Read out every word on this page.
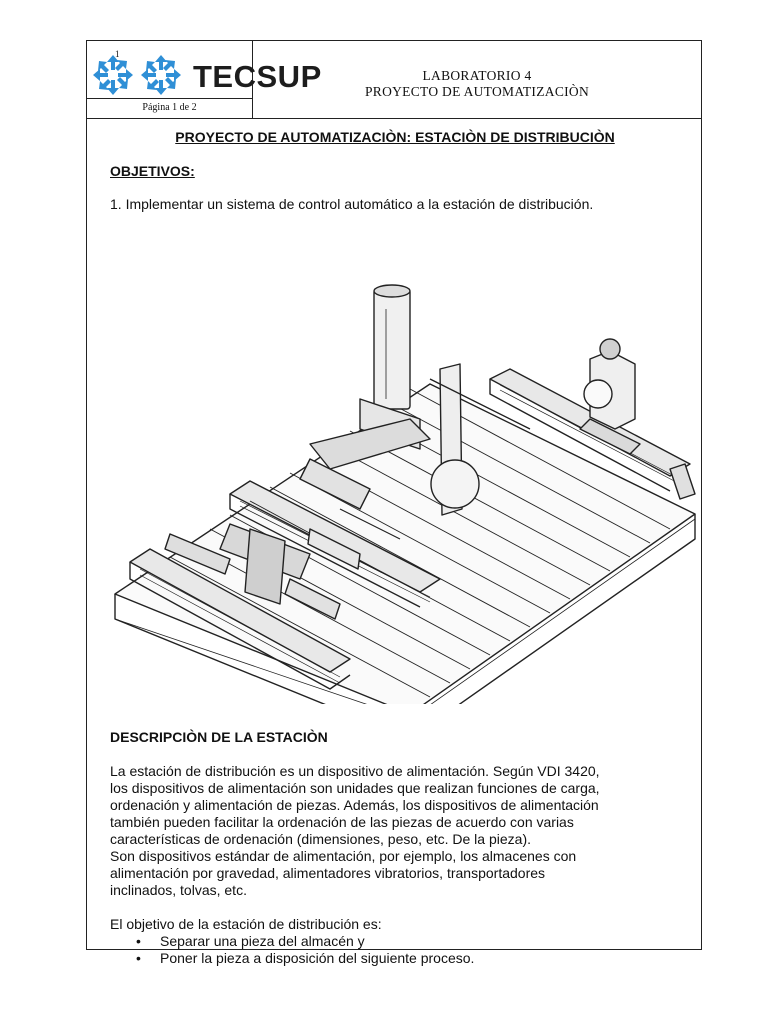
1
TECSUP
Página 1 de 2
LABORATORIO 4
PROYECTO DE AUTOMATIZACIÒN

PROYECTO DE AUTOMATIZACIÒN: ESTACIÒN DE DISTRIBUCIÒN

OBJETIVOS:

1. Implementar un sistema de control automático a la estación de distribución.

DESCRIPCIÒN DE LA ESTACIÒN

La estación de distribución es un dispositivo de alimentación. Según VDI 3420,

los dispositivos de alimentación son unidades que realizan funciones de carga,

ordenación y alimentación de piezas. Además, los dispositivos de alimentación

también pueden facilitar la ordenación de las piezas de acuerdo con varias

características de ordenación (dimensiones, peso, etc. De la pieza).

Son dispositivos estándar de alimentación, por ejemplo, los almacenes con

alimentación por gravedad, alimentadores vibratorios, transportadores

inclinados, tolvas, etc.

El objetivo de la estación de distribución es:
• Separar una pieza del almacén y
• Poner la pieza a disposición del siguiente proceso.
